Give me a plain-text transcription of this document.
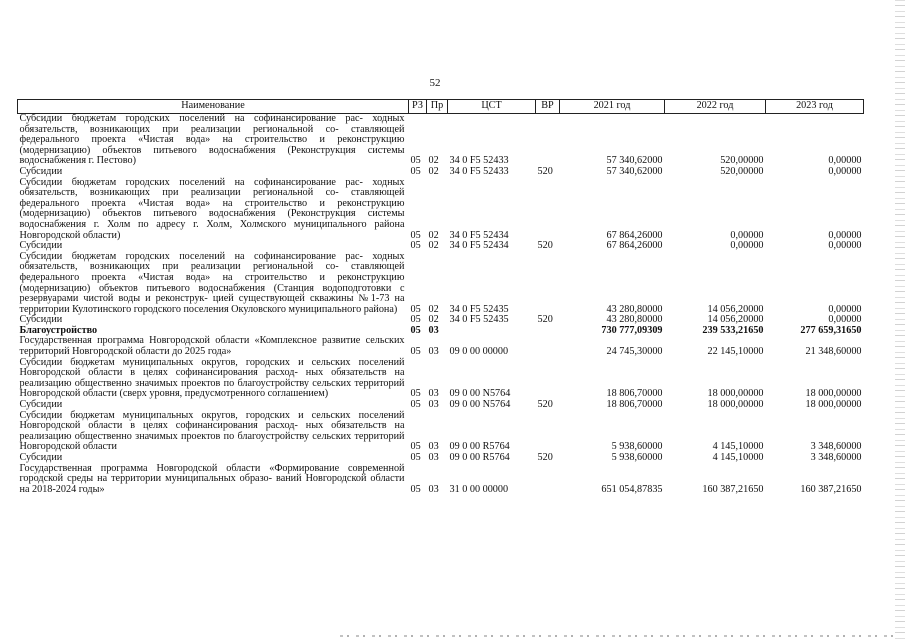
52
Наименование	РЗ	Пр	ЦСТ	ВР	2021 год	2022 год	2023 год
Субсидии бюджетам городских поселений на софинансирование рас- ходных обязательств, возникающих при реализации региональной со- ставляющей федерального проекта «Чистая вода» на строительство и реконструкцию (модернизацию) объектов питьевого водоснабжения (Реконструкция системы водоснабжения г. Пестово)	05	02	34 0 F5 52433		57 340,62000	520,00000	0,00000
Субсидии	05	02	34 0 F5 52433	520	57 340,62000	520,00000	0,00000
Субсидии бюджетам городских поселений на софинансирование рас- ходных обязательств, возникающих при реализации региональной со- ставляющей федерального проекта «Чистая вода» на строительство и реконструкцию (модернизацию) объектов питьевого водоснабжения (Реконструкция системы водоснабжения г. Холм по адресу г. Холм, Холмского муниципального района Новгородской области)	05	02	34 0 F5 52434		67 864,26000	0,00000	0,00000
Субсидии	05	02	34 0 F5 52434	520	67 864,26000	0,00000	0,00000
Субсидии бюджетам городских поселений на софинансирование рас- ходных обязательств, возникающих при реализации региональной со- ставляющей федерального проекта «Чистая вода» на строительство и реконструкцию (модернизацию) объектов питьевого водоснабжения (Станция водоподготовки с резервуарами чистой воды и реконструк- цией существующей скважины №1-73 на территории Кулотинского городского поселения Окуловского муниципального района)	05	02	34 0 F5 52435		43 280,80000	14 056,20000	0,00000
Субсидии	05	02	34 0 F5 52435	520	43 280,80000	14 056,20000	0,00000
Благоустройство	05	03			730 777,09309	239 533,21650	277 659,31650
Государственная программа Новгородской области «Комплексное развитие сельских территорий Новгородской области до 2025 года»	05	03	09 0 00 00000		24 745,30000	22 145,10000	21 348,60000
Субсидии бюджетам муниципальных округов, городских и сельских поселений Новгородской области в целях софинансирования расход- ных обязательств на реализацию общественно значимых проектов по благоустройству сельских территорий Новгородской области (сверх уровня, предусмотренного соглашением)	05	03	09 0 00 N5764		18 806,70000	18 000,00000	18 000,00000
Субсидии	05	03	09 0 00 N5764	520	18 806,70000	18 000,00000	18 000,00000
Субсидии бюджетам муниципальных округов, городских и сельских поселений Новгородской области в целях софинансирования расход- ных обязательств на реализацию общественно значимых проектов по благоустройству сельских территорий Новгородской области	05	03	09 0 00 R5764		5 938,60000	4 145,10000	3 348,60000
Субсидии	05	03	09 0 00 R5764	520	5 938,60000	4 145,10000	3 348,60000
Государственная программа Новгородской области «Формирование современной городской среды на территории муниципальных образо- ваний Новгородской области на 2018-2024 годы»	05	03	31 0 00 00000		651 054,87835	160 387,21650	160 387,21650
